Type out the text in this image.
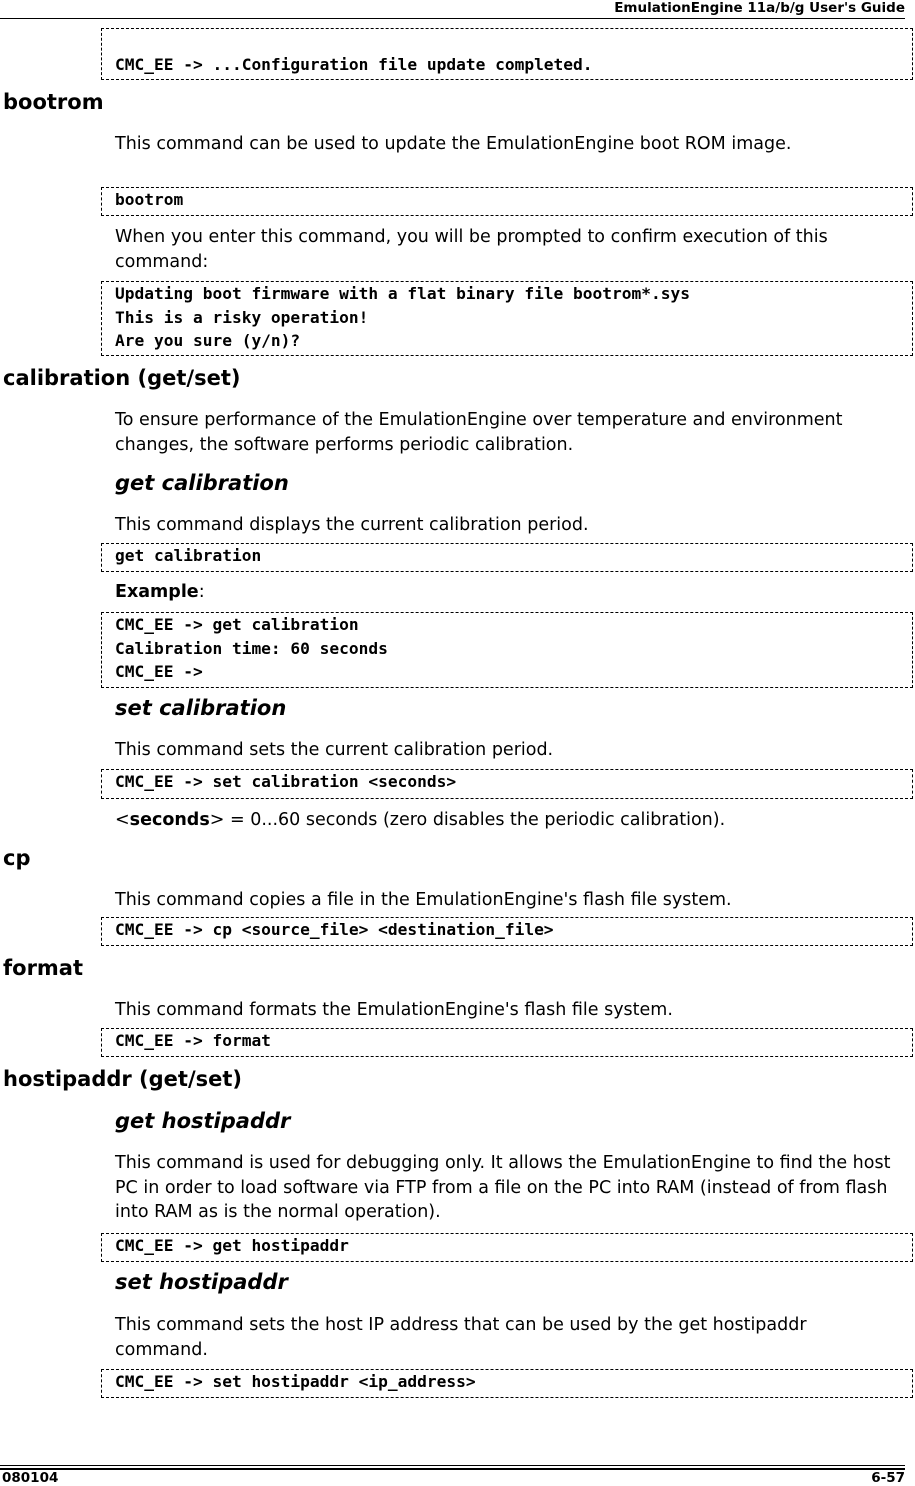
EmulationEngine 11a/b/g User's Guide

CMC_EE -> ...Configuration file update completed.
bootrom
This command can be used to update the EmulationEngine boot ROM image.
bootrom
When you enter this command, you will be prompted to confirm execution of this command:
Updating boot firmware with a flat binary file bootrom*.sys
This is a risky operation!
Are you sure (y/n)?
calibration (get/set)
To ensure performance of the EmulationEngine over temperature and environment changes, the software performs periodic calibration.
get calibration
This command displays the current calibration period.
get calibration
Example:
CMC_EE -> get calibration
Calibration time: 60 seconds
CMC_EE ->
set calibration
This command sets the current calibration period.
CMC_EE -> set calibration <seconds>
<seconds> = 0...60 seconds (zero disables the periodic calibration).
cp
This command copies a file in the EmulationEngine's flash file system.
CMC_EE -> cp <source_file> <destination_file>
format
This command formats the EmulationEngine's flash file system.
CMC_EE -> format
hostipaddr (get/set)
get hostipaddr
This command is used for debugging only. It allows the EmulationEngine to find the host PC in order to load software via FTP from a file on the PC into RAM (instead of from flash into RAM as is the normal operation).
CMC_EE -> get hostipaddr
set hostipaddr
This command sets the host IP address that can be used by the get hostipaddr command.
CMC_EE -> set hostipaddr <ip_address>
080104	6-57
